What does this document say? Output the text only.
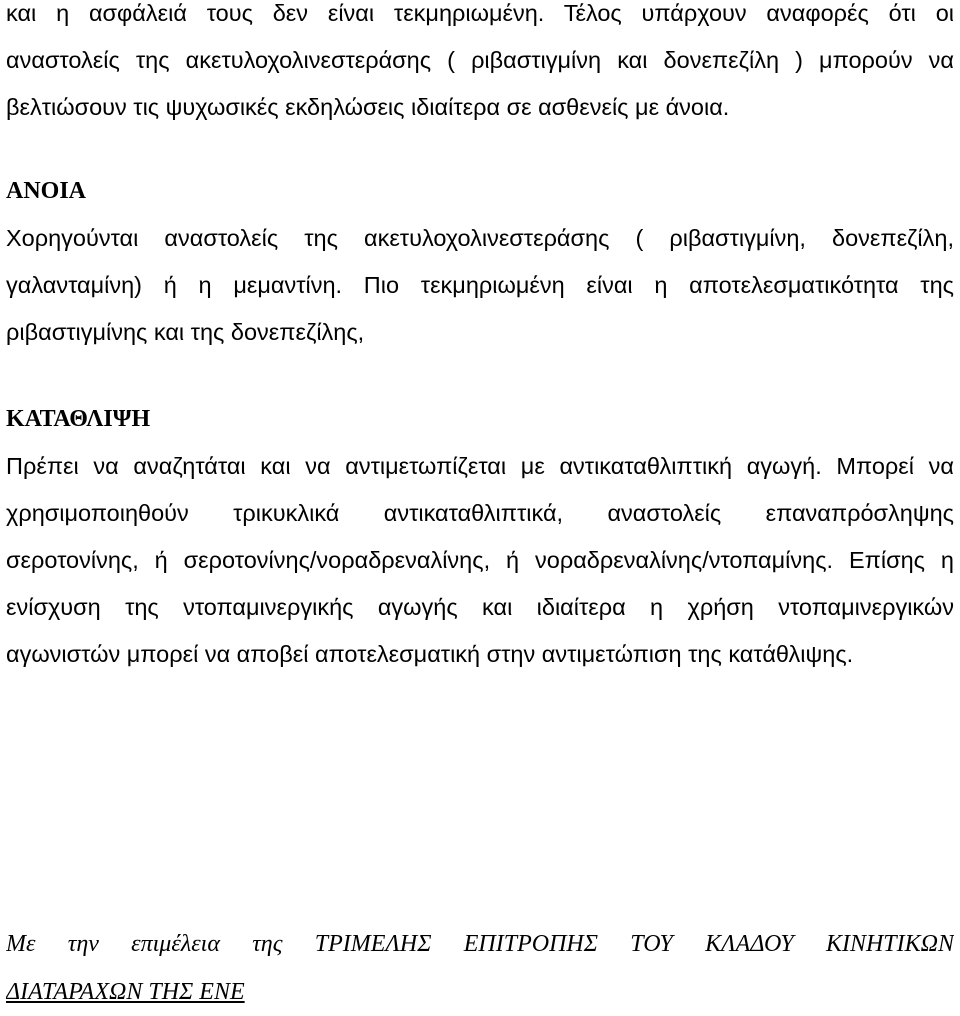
και η ασφάλειά τους δεν είναι τεκμηριωμένη. Τέλος υπάρχουν αναφορές ότι οι
αναστολείς της ακετυλοχολινεστεράσης ( ριβαστιγμίνη και δονεπεζίλη ) μπορούν να
βελτιώσουν τις ψυχωσικές εκδηλώσεις ιδιαίτερα σε ασθενείς με άνοια.
ΑΝΟΙΑ
Χορηγούνται αναστολείς της ακετυλοχολινεστεράσης ( ριβαστιγμίνη, δονεπεζίλη,
γαλανταμίνη) ή η μεμαντίνη. Πιο τεκμηριωμένη είναι η αποτελεσματικότητα της
ριβαστιγμίνης και της δονεπεζίλης,
ΚΑΤΑΘΛΙΨΗ
Πρέπει να αναζητάται και να αντιμετωπίζεται με αντικαταθλιπτική αγωγή. Μπορεί να
χρησιμοποιηθούν τρικυκλικά αντικαταθλιπτικά, αναστολείς επαναπρόσληψης
σεροτονίνης, ή σεροτονίνης/νοραδρεναλίνης, ή νοραδρεναλίνης/ντοπαμίνης. Επίσης η
ενίσχυση της ντοπαμινεργικής αγωγής και ιδιαίτερα η χρήση ντοπαμινεργικών
αγωνιστών μπορεί να αποβεί αποτελεσματική στην αντιμετώπιση της κατάθλιψης.
Με την επιμέλεια της ΤΡΙΜΕΛΗΣ ΕΠΙΤΡΟΠΗΣ ΤΟΥ ΚΛΑΔΟΥ ΚΙΝΗΤΙΚΩΝ
ΔΙΑΤΑΡΑΧΩΝ ΤΗΣ ΕΝΕ
